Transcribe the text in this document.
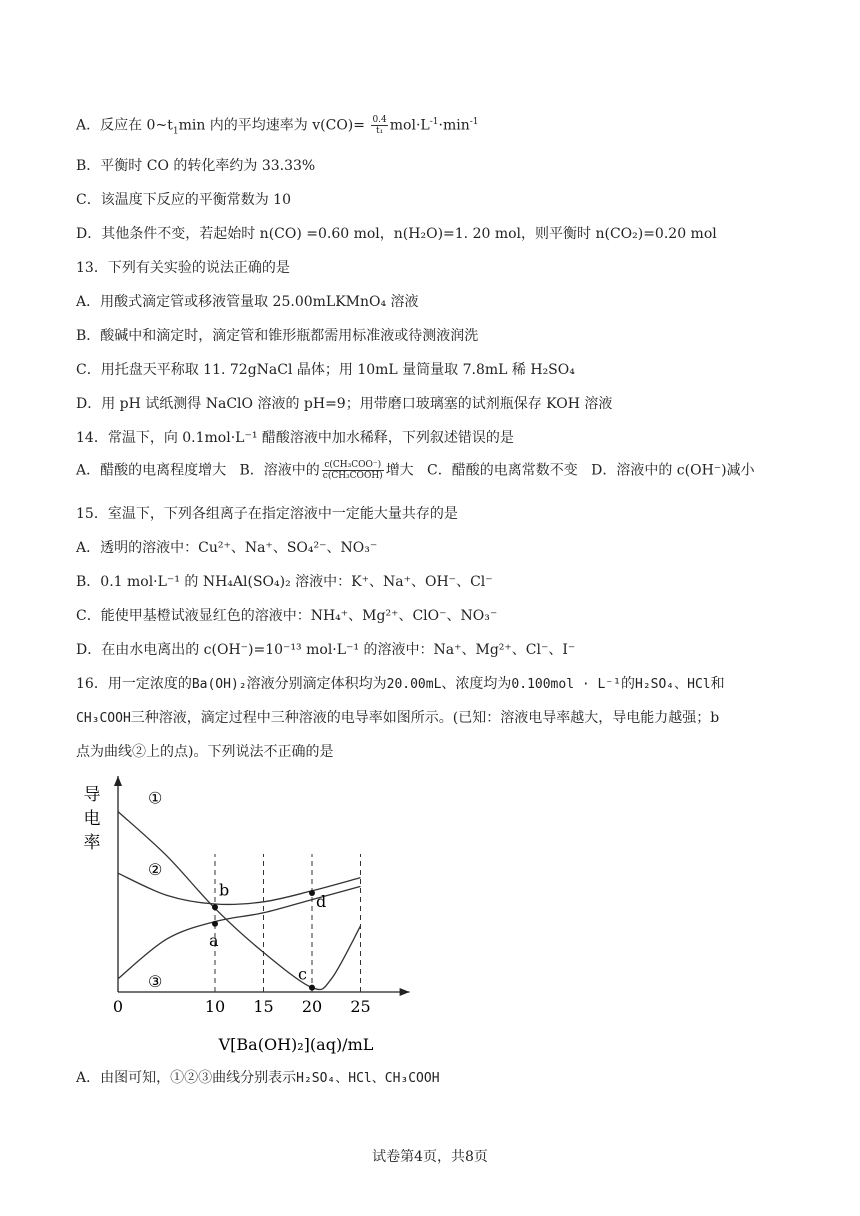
A．反应在 $0\sim t_1\min$ 内的平均速率为 $v(CO)= \frac{0.4}{\text{t₁}} mol\cdot L^{-1}\cdot\min^{-1}$
B．平衡时 CO 的转化率约为 33.33%
C．该温度下反应的平衡常数为 10
D．其他条件不变，若起始时 n(CO) =0.60 mol，n(H₂O)=1. 20 mol，则平衡时 n(CO₂)=0.20 mol
13．下列有关实验的说法正确的是
A．用酸式滴定管或移液管量取 25.00mLKMnO₄ 溶液
B．酸碱中和滴定时，滴定管和锥形瓶都需用标准液或待测液润洗
C．用托盘天平称取 11. 72gNaCl 晶体；用 10mL 量筒量取 7.8mL 稀 H₂SO₄
D．用 pH 试纸测得 NaClO 溶液的 pH=9；用带磨口玻璃塞的试剂瓶保存 KOH 溶液
14．常温下，向 0.1mol·L⁻¹ 醋酸溶液中加水稀释，下列叙述错误的是
A．醋酸的电离程度增大 B．溶液中的 $\frac{\text{c(CH₃COO⁻)}}{\text{c(CH₃COOH)}}$ 增大 C．醋酸的电离常数不变 D．溶液中的 c(OH⁻)减小
15．室温下，下列各组离子在指定溶液中一定能大量共存的是
A．透明的溶液中：Cu²⁺、Na⁺、SO₄²⁻、NO₃⁻
B．0.1 mol·L⁻¹ 的 NH₄Al(SO₄)₂ 溶液中：K⁺、Na⁺、OH⁻、Cl⁻
C．能使甲基橙试液显红色的溶液中：NH₄⁺、Mg²⁺、ClO⁻、NO₃⁻
D．在由水电离出的 c(OH⁻)=10⁻¹³ mol·L⁻¹ 的溶液中：Na⁺、Mg²⁺、Cl⁻、I⁻
16．用一定浓度的Ba(OH)₂溶液分别滴定体积均为20.00mL、浓度均为0.100mol · L⁻¹的H₂SO₄、HCl和
CH₃COOH三种溶液，滴定过程中三种溶液的电导率如图所示。(已知：溶液电导率越大，导电能力越强；b
点为曲线②上的点)。下列说法不正确的是
导
电
率
①
②
③
a
b
c
d
0	10 15 20 25
V[Ba(OH)₂](aq)/mL
A．由图可知，①②③曲线分别表示H₂SO₄、HCl、CH₃COOH
试卷第4页，共8页
